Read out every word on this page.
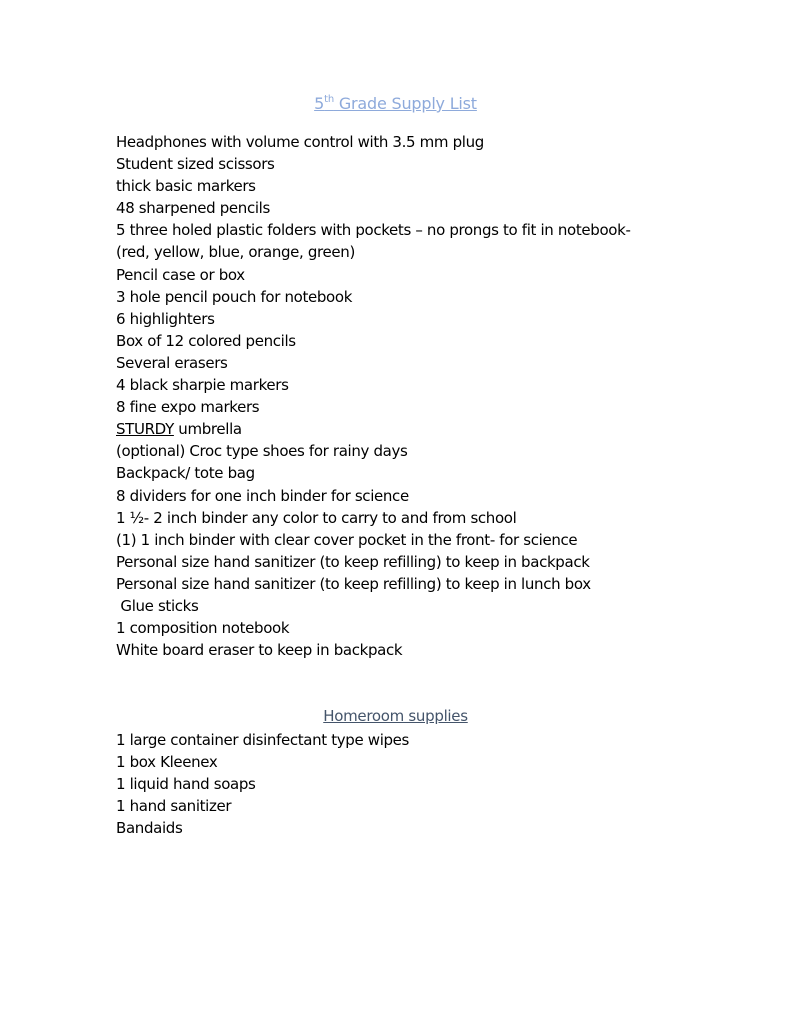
5th Grade Supply List
Headphones with volume control with 3.5 mm plug
Student sized scissors
thick basic markers
48 sharpened pencils
5 three holed plastic folders with pockets – no prongs to fit in notebook-
(red, yellow, blue, orange, green)
Pencil case or box
3 hole pencil pouch for notebook
6 highlighters
Box of 12 colored pencils
Several erasers
4 black sharpie markers
8 fine expo markers
STURDY umbrella
(optional) Croc type shoes for rainy days
Backpack/ tote bag
8 dividers for one inch binder for science
1 ½- 2 inch binder any color to carry to and from school
(1) 1 inch binder with clear cover pocket in the front- for science
Personal size hand sanitizer (to keep refilling) to keep in backpack
Personal size hand sanitizer (to keep refilling) to keep in lunch box
Glue sticks
1 composition notebook
White board eraser to keep in backpack
Homeroom supplies
1 large container disinfectant type wipes
1 box Kleenex
1 liquid hand soaps
1 hand sanitizer
Bandaids
